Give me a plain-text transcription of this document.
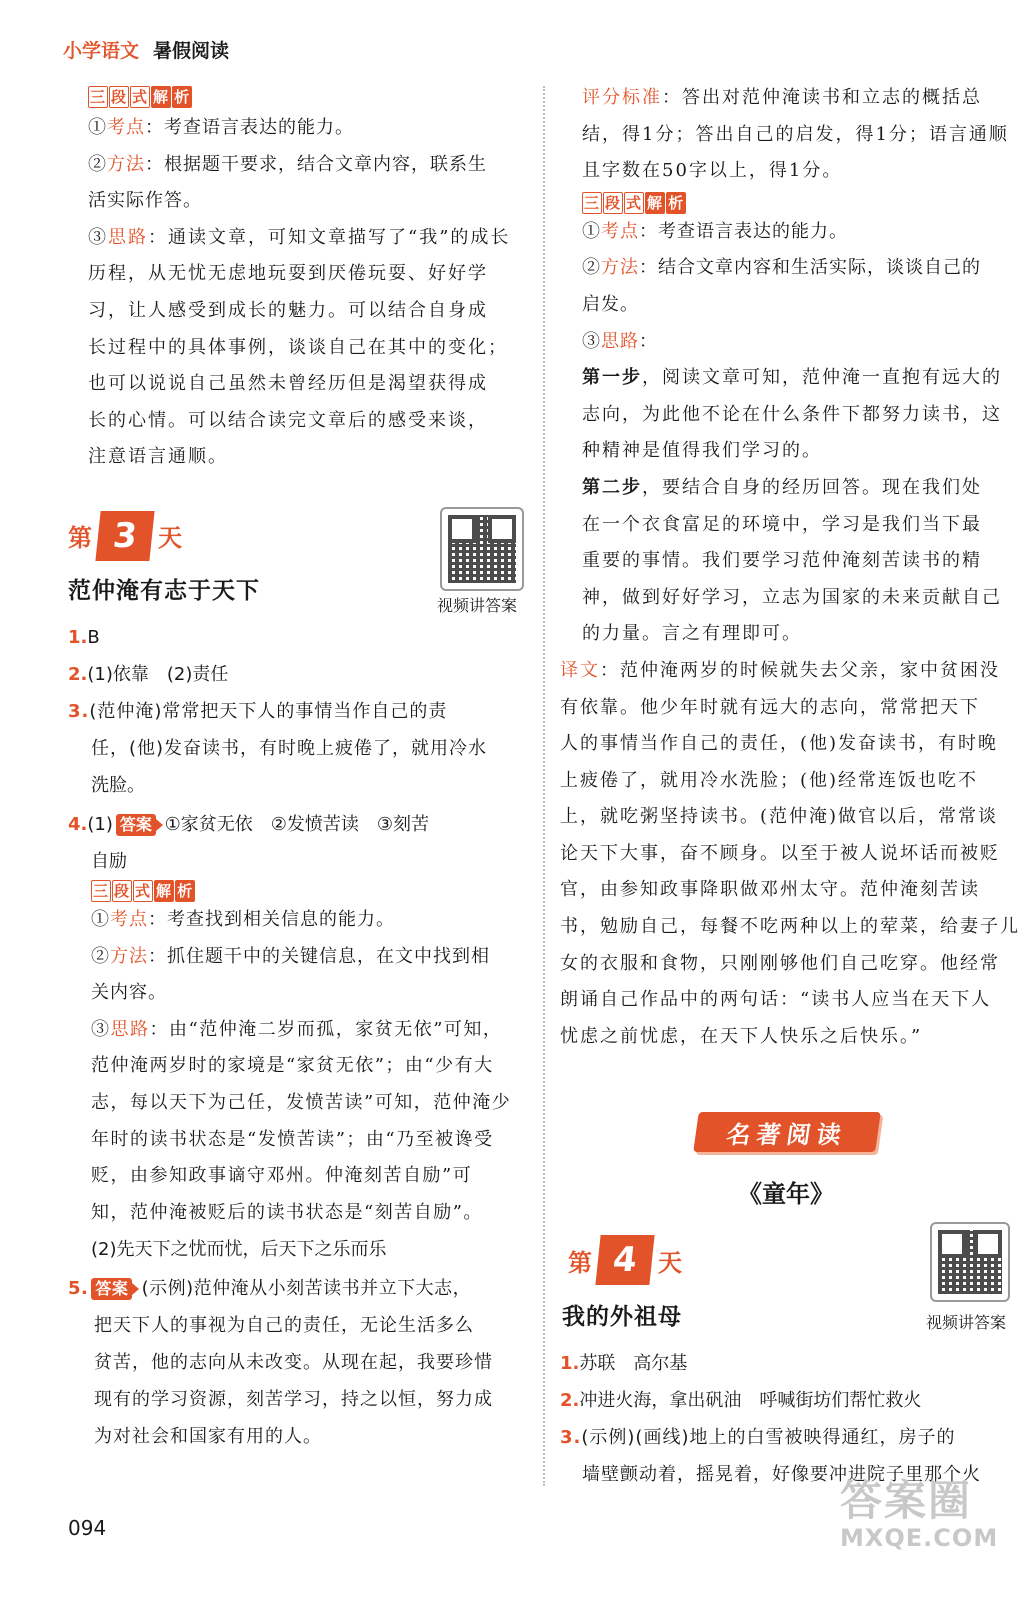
小学语文 暑假阅读
三 段 式 解 析
①考点：考查语言表达的能力。
②方法：根据题干要求，结合文章内容，联系生
活实际作答。
③思路：通读文章，可知文章描写了“我”的成长
历程，从无忧无虑地玩耍到厌倦玩耍、好好学
习，让人感受到成长的魅力。可以结合自身成
长过程中的具体事例，谈谈自己在其中的变化；
也可以说说自己虽然未曾经历但是渴望获得成
长的心情。可以结合读完文章后的感受来谈，
注意语言通顺。
第 3 天
范仲淹有志于天下
1.B
2.(1)依靠　(2)责任
3.(范仲淹)常常把天下人的事情当作自己的责
任，(他)发奋读书，有时晚上疲倦了，就用冷水
洗脸。
4.(1) 答案 ①家贫无依　②发愤苦读　③刻苦
自励
三 段 式 解 析
①考点：考查找到相关信息的能力。
②方法：抓住题干中的关键信息，在文中找到相
关内容。
③思路：由“范仲淹二岁而孤，家贫无依”可知，
范仲淹两岁时的家境是“家贫无依”；由“少有大
志，每以天下为己任，发愤苦读”可知，范仲淹少
年时的读书状态是“发愤苦读”；由“乃至被谗受
贬，由参知政事谪守邓州。仲淹刻苦自励”可
知，范仲淹被贬后的读书状态是“刻苦自励”。
(2)先天下之忧而忧，后天下之乐而乐
5. 答案 (示例)范仲淹从小刻苦读书并立下大志，
把天下人的事视为自己的责任，无论生活多么
贫苦，他的志向从未改变。从现在起，我要珍惜
现有的学习资源，刻苦学习，持之以恒，努力成
为对社会和国家有用的人。
视频讲答案
评分标准：答出对范仲淹读书和立志的概括总
结，得1分；答出自己的启发，得1分；语言通顺
且字数在50字以上，得1分。
三 段 式 解 析
①考点：考查语言表达的能力。
②方法：结合文章内容和生活实际，谈谈自己的
启发。
③思路：
第一步，阅读文章可知，范仲淹一直抱有远大的
志向，为此他不论在什么条件下都努力读书，这
种精神是值得我们学习的。
第二步，要结合自身的经历回答。现在我们处
在一个衣食富足的环境中，学习是我们当下最
重要的事情。我们要学习范仲淹刻苦读书的精
神，做到好好学习，立志为国家的未来贡献自己
的力量。言之有理即可。
译文：范仲淹两岁的时候就失去父亲，家中贫困没
有依靠。他少年时就有远大的志向，常常把天下
人的事情当作自己的责任，(他)发奋读书，有时晚
上疲倦了，就用冷水洗脸；(他)经常连饭也吃不
上，就吃粥坚持读书。(范仲淹)做官以后，常常谈
论天下大事，奋不顾身。以至于被人说坏话而被贬
官，由参知政事降职做邓州太守。范仲淹刻苦读
书，勉励自己，每餐不吃两种以上的荤菜，给妻子儿
女的衣服和食物，只刚刚够他们自己吃穿。他经常
朗诵自己作品中的两句话：“读书人应当在天下人
忧虑之前忧虑，在天下人快乐之后快乐。”
名著阅读
《童年》
第 4 天
我的外祖母	视频讲答案
1.苏联　高尔基
2.冲进火海，拿出矾油　呼喊街坊们帮忙救火
3.(示例)(画线)地上的白雪被映得通红，房子的
墙壁颤动着，摇晃着，好像要冲进院子里那个火
094
答案圈
MXQE.COM
